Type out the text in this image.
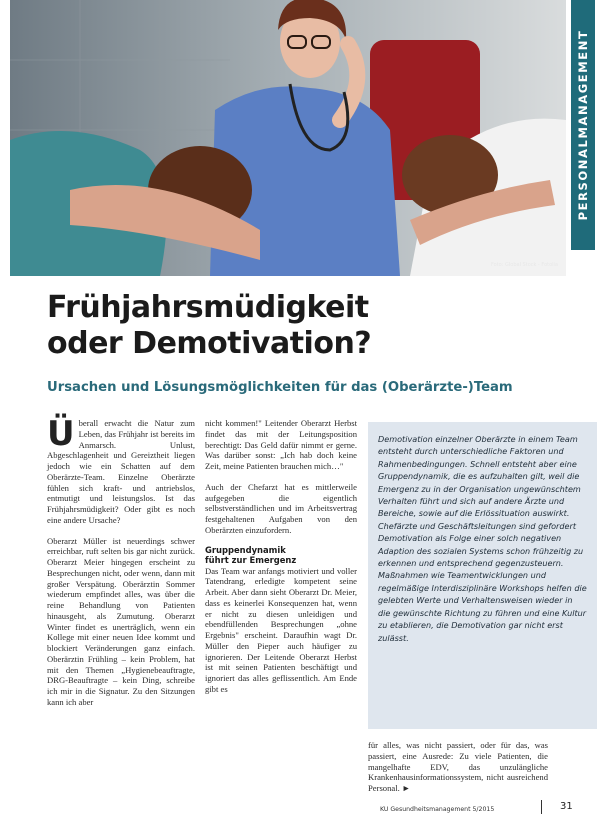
Foto: Global Stock - Fotolia
PERSONALMANAGEMENT
Frühjahrsmüdigkeit
oder Demotivation?
Ursachen und Lösungsmöglichkeiten für das (Oberärzte-)Team

Überall erwacht die Natur zum Leben, das Frühjahr ist bereits im Anmarsch. Unlust, Abgeschlagenheit und Gereiztheit liegen jedoch wie ein Schatten auf dem Oberärzte-Team. Einzelne Oberärzte fühlen sich kraft- und antriebslos, entmutigt und leistungslos. Ist das Frühjahrsmüdigkeit? Oder gibt es noch eine andere Ursache?

Oberarzt Müller ist neuerdings schwer erreichbar, ruft selten bis gar nicht zurück. Oberarzt Meier hingegen erscheint zu Besprechungen nicht, oder wenn, dann mit großer Verspätung. Oberärztin Sommer wiederum empfindet alles, was über die reine Behandlung von Patienten hinausgeht, als Zumutung. Oberarzt Winter findet es unerträglich, wenn ein Kollege mit einer neuen Idee kommt und blockiert Veränderungen ganz einfach. Oberärztin Frühling – kein Problem, hat mit den Themen „Hygienebeauftragte, DRG-Beauftragte – kein Ding, schreibe ich mir in die Signatur. Zu den Sitzungen kann ich aber

nicht kommen!" Leitender Oberarzt Herbst findet das mit der Leitungsposition berechtigt: Das Geld dafür nimmt er gerne. Was darüber sonst: „Ich hab doch keine Zeit, meine Patienten brauchen mich…"

Auch der Chefarzt hat es mittlerweile aufgegeben die eigentlich selbstverständlichen und im Arbeitsvertrag festgehaltenen Aufgaben von den Oberärzten einzufordern.

Gruppendynamik
führt zur Emergenz

Das Team war anfangs motiviert und voller Tatendrang, erledigte kompetent seine Arbeit. Aber dann sieht Oberarzt Dr. Meier, dass es keinerlei Konsequenzen hat, wenn er nicht zu diesen unleidigen und ebendfüllenden Besprechungen „ohne Ergebnis" erscheint. Daraufhin wagt Dr. Müller den Pieper auch häufiger zu ignorieren. Der Leitende Oberarzt Herbst ist mit seinen Patienten beschäftigt und ignoriert das alles geflissentlich. Am Ende gibt es

Demotivation einzelner Oberärzte in einem Team entsteht durch unterschiedliche Faktoren und Rahmenbedingungen. Schnell entsteht aber eine Gruppendynamik, die es aufzuhalten gilt, weil die Emergenz zu in der Organisation ungewünschtem Verhalten führt und sich auf andere Ärzte und Bereiche, sowie auf die Erlössituation auswirkt. Chefärzte und Geschäftsleitungen sind gefordert Demotivation als Folge einer solch negativen Adaption des sozialen Systems schon frühzeitig zu erkennen und entsprechend gegenzusteuern. Maßnahmen wie Teamentwicklungen und regelmäßige Interdisziplinäre Workshops helfen die gelebten Werte und Verhaltensweisen wieder in die gewünschte Richtung zu führen und eine Kultur zu etablieren, die Demotivation gar nicht erst zulässt.

für alles, was nicht passiert, oder für das, was passiert, eine Ausrede: Zu viele Patienten, die mangelhafte EDV, das unzulängliche Krankenhausinformationssystem, nicht ausreichend Personal. ►

KU Gesundheitsmanagement 5/2015	31
